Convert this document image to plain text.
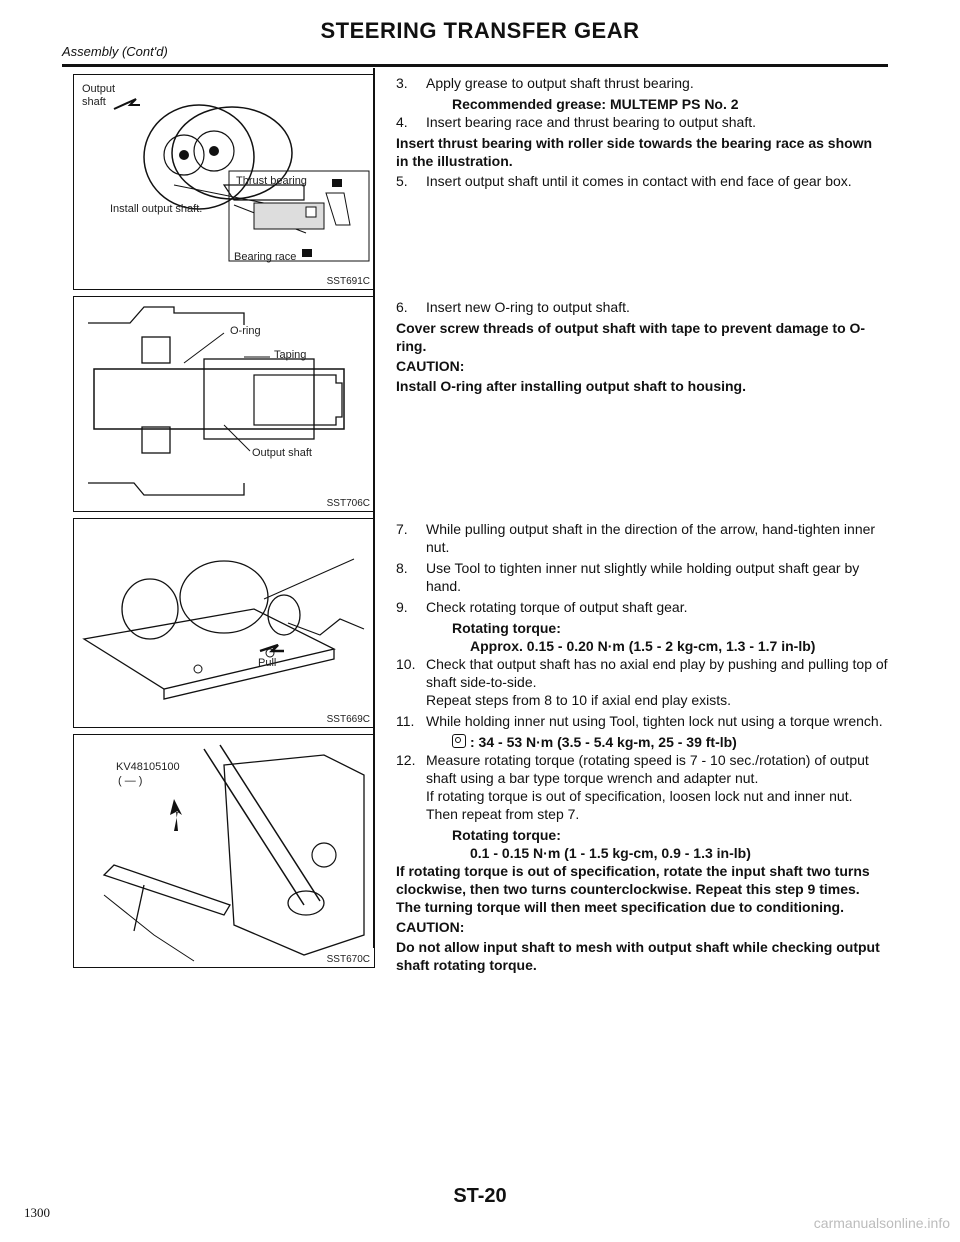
STEERING TRANSFER GEAR
Assembly (Cont'd)
Output
shaft
Thrust bearing
Install output shaft.
Bearing race
SST691C
O-ring
Taping
Output shaft
SST706C
Pull
SST669C
KV48105100
( — )
SST670C
3. Apply grease to output shaft thrust bearing.
Recommended grease: MULTEMP PS No. 2
4. Insert bearing race and thrust bearing to output shaft.
Insert thrust bearing with roller side towards the bearing race as shown in the illustration.
5. Insert output shaft until it comes in contact with end face of gear box.
6. Insert new O-ring to output shaft.
Cover screw threads of output shaft with tape to prevent damage to O-ring.
CAUTION:
Install O-ring after installing output shaft to housing.
7. While pulling output shaft in the direction of the arrow, hand-tighten inner nut.
8. Use Tool to tighten inner nut slightly while holding output shaft gear by hand.
9. Check rotating torque of output shaft gear.
Rotating torque:
Approx. 0.15 - 0.20 N·m (1.5 - 2 kg-cm, 1.3 - 1.7 in-lb)
10. Check that output shaft has no axial end play by pushing and pulling top of shaft side-to-side.
Repeat steps from 8 to 10 if axial end play exists.
11. While holding inner nut using Tool, tighten lock nut using a torque wrench.
: 34 - 53 N·m (3.5 - 5.4 kg-m, 25 - 39 ft-lb)
12. Measure rotating torque (rotating speed is 7 - 10 sec./rotation) of output shaft using a bar type torque wrench and adapter nut.
If rotating torque is out of specification, loosen lock nut and inner nut. Then repeat from step 7.
Rotating torque:
0.1 - 0.15 N·m (1 - 1.5 kg-cm, 0.9 - 1.3 in-lb)
If rotating torque is out of specification, rotate the input shaft two turns clockwise, then two turns counterclockwise. Repeat this step 9 times. The turning torque will then meet specification due to conditioning.
CAUTION:
Do not allow input shaft to mesh with output shaft while checking output shaft rotating torque.
ST-20
1300
carmanualsonline.info
